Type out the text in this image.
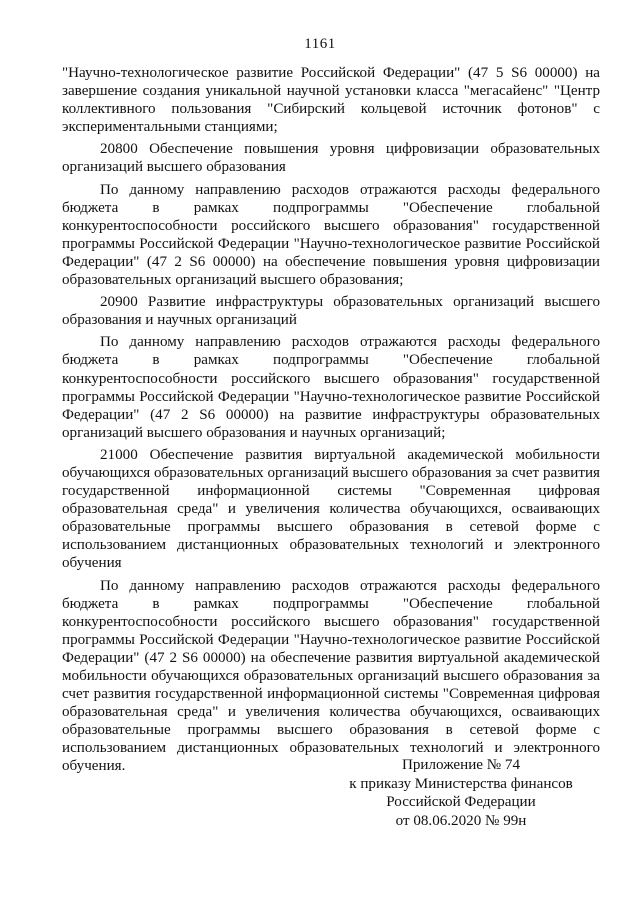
1161

"Научно-технологическое развитие Российской Федерации" (47 5 S6 00000) на завершение создания уникальной научной установки класса "мегасайенс" "Центр коллективного пользования "Сибирский кольцевой источник фотонов" с экспериментальными станциями;

20800 Обеспечение повышения уровня цифровизации образовательных организаций высшего образования

По данному направлению расходов отражаются расходы федерального бюджета в рамках подпрограммы "Обеспечение глобальной конкурентоспособности российского высшего образования" государственной программы Российской Федерации "Научно-технологическое развитие Российской Федерации" (47 2 S6 00000) на обеспечение повышения уровня цифровизации образовательных организаций высшего образования;

20900 Развитие инфраструктуры образовательных организаций высшего образования и научных организаций

По данному направлению расходов отражаются расходы федерального бюджета в рамках подпрограммы "Обеспечение глобальной конкурентоспособности российского высшего образования" государственной программы Российской Федерации "Научно-технологическое развитие Российской Федерации" (47 2 S6 00000) на развитие инфраструктуры образовательных организаций высшего образования и научных организаций;

21000 Обеспечение развития виртуальной академической мобильности обучающихся образовательных организаций высшего образования за счет развития государственной информационной системы "Современная цифровая образовательная среда" и увеличения количества обучающихся, осваивающих образовательные программы высшего образования в сетевой форме с использованием дистанционных образовательных технологий и электронного обучения

По данному направлению расходов отражаются расходы федерального бюджета в рамках подпрограммы "Обеспечение глобальной конкурентоспособности российского высшего образования" государственной программы Российской Федерации "Научно-технологическое развитие Российской Федерации" (47 2 S6 00000) на обеспечение развития виртуальной академической мобильности обучающихся образовательных организаций высшего образования за счет развития государственной информационной системы "Современная цифровая образовательная среда" и увеличения количества обучающихся, осваивающих образовательные программы высшего образования в сетевой форме с использованием дистанционных образовательных технологий и электронного обучения.	Приложение № 74
к приказу Министерства финансов
Российской Федерации
от 08.06.2020 № 99н
